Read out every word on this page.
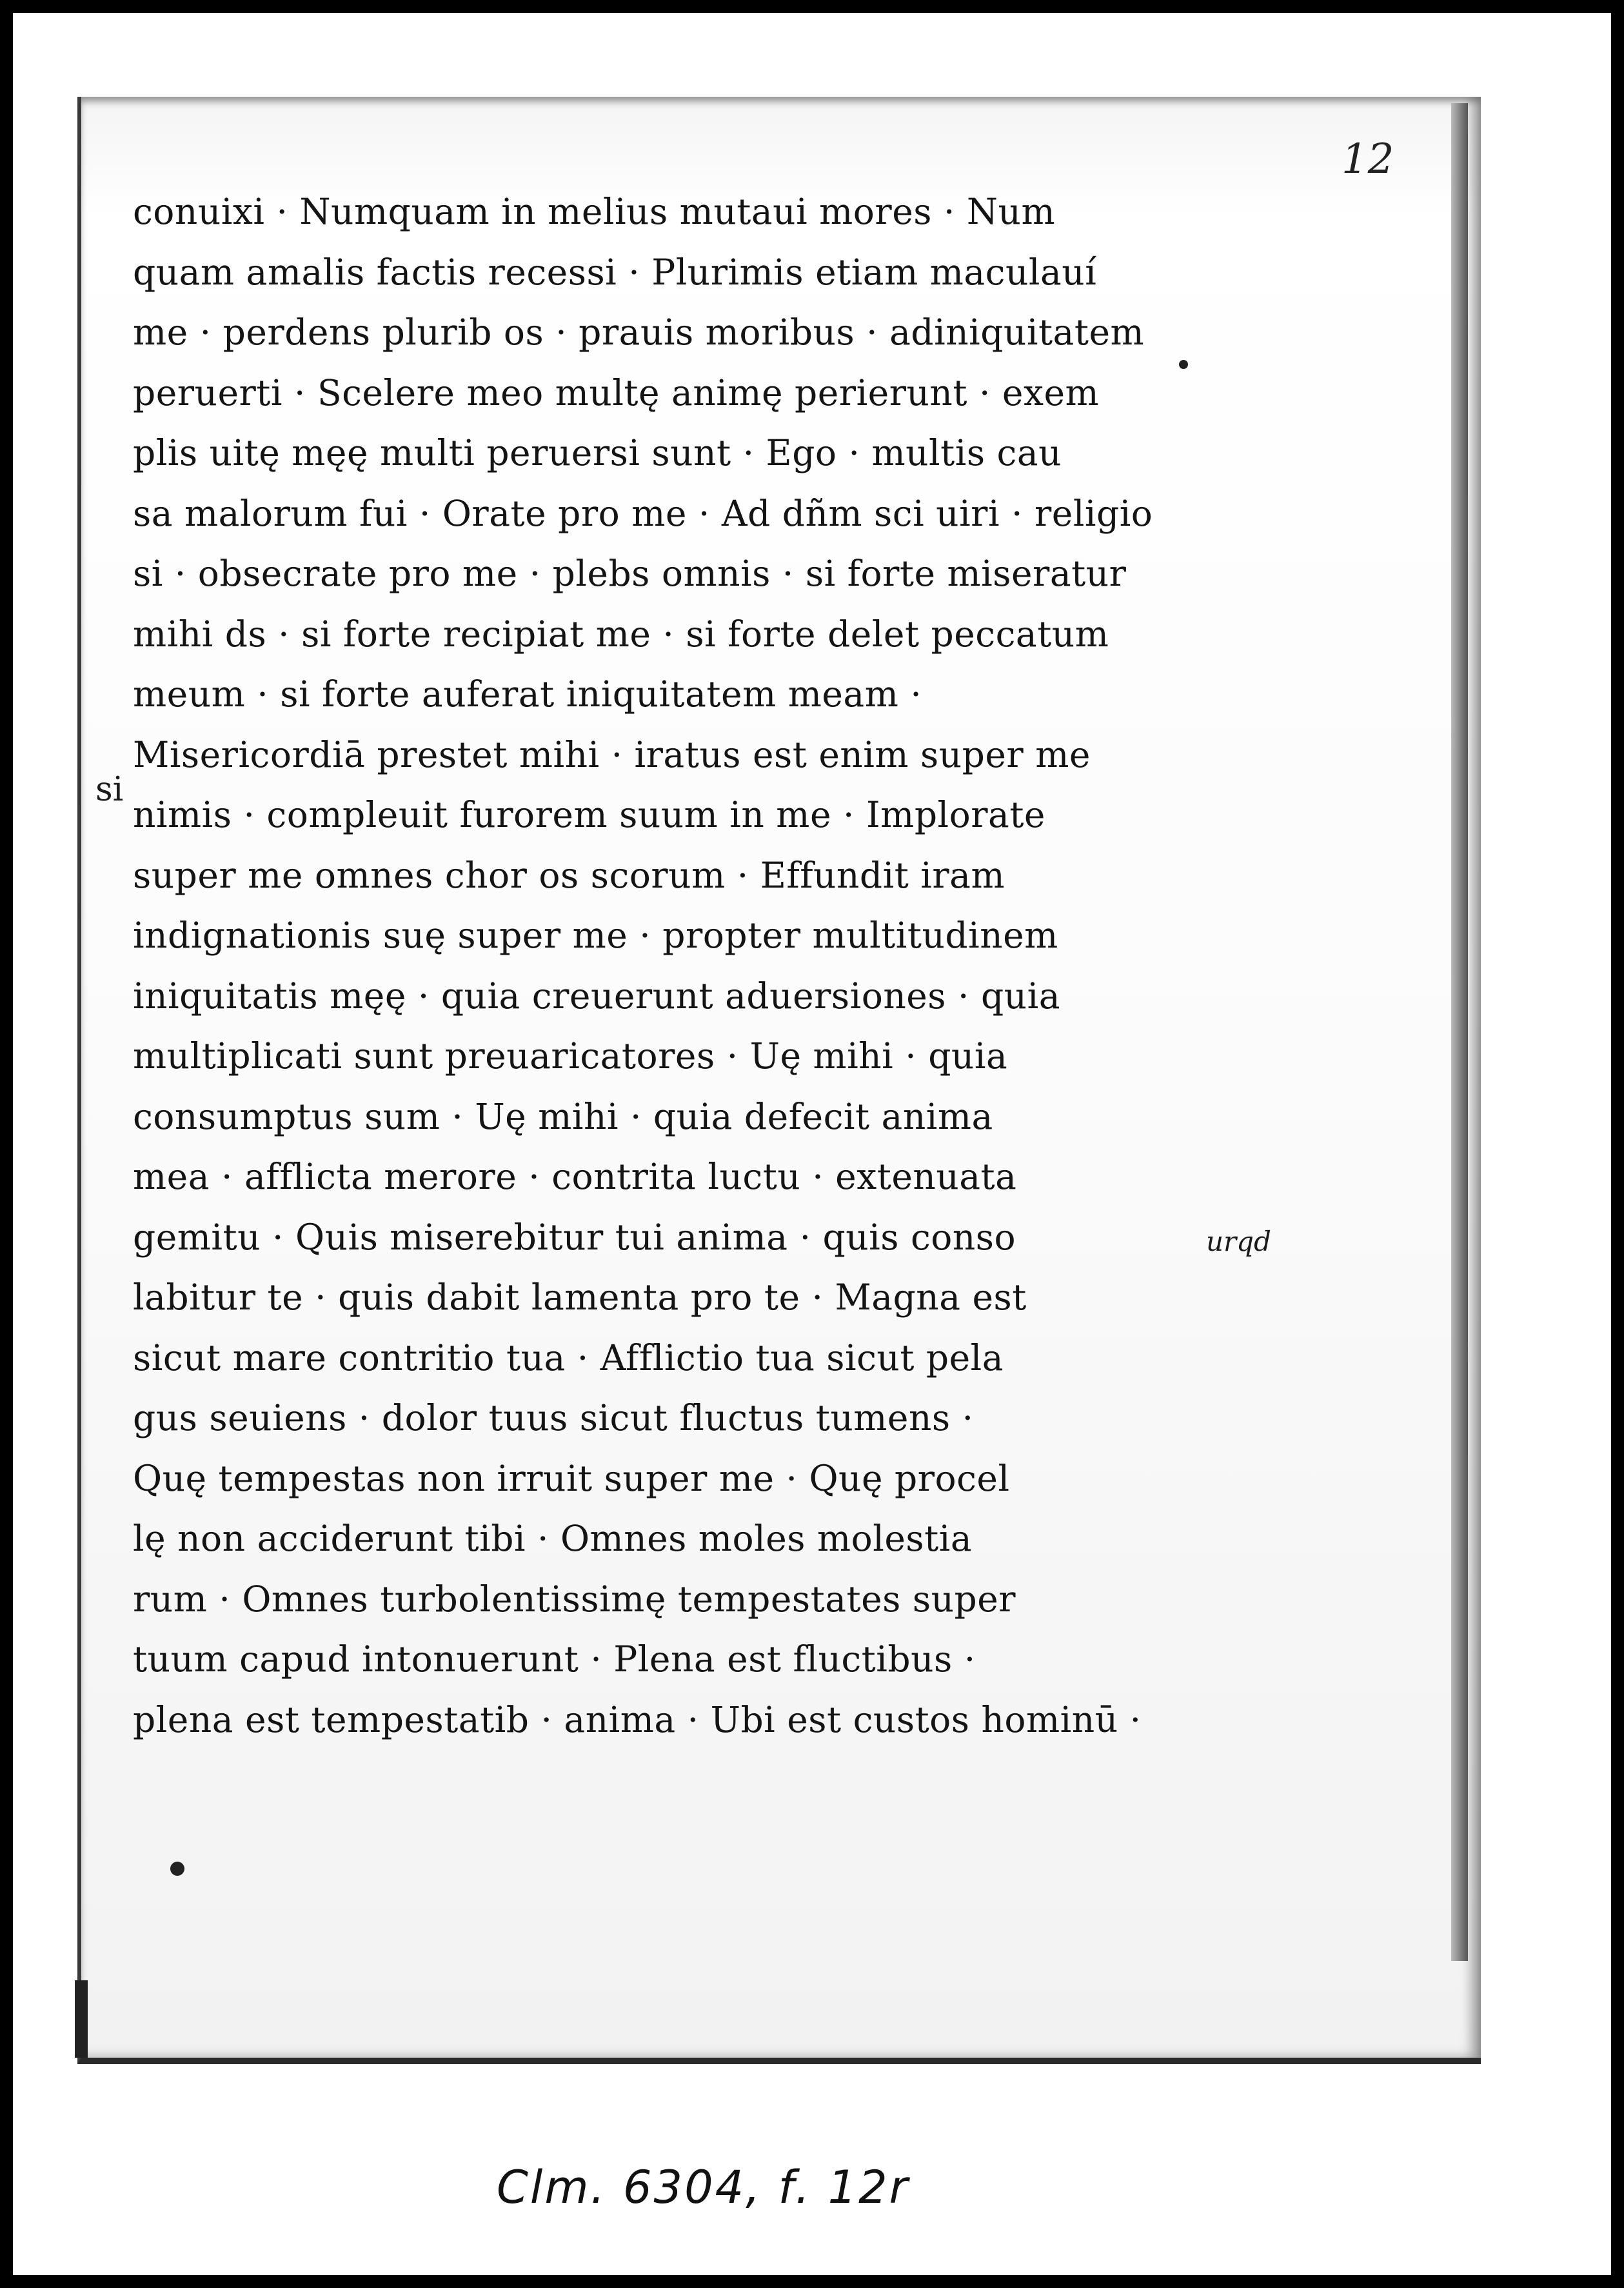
12
si
urqd
conuixi · Numquam in melius mutaui mores · Num
quam amalis factis recessi · Plurimis etiam maculauí
me · perdens plurib os · prauis moribus · adiniquitatem
peruerti · Scelere meo multę animę perierunt · exem
plis uitę męę multi peruersi sunt · Ego · multis cau
sa malorum fui · Orate pro me · Ad dñm sci uiri · religio
si · obsecrate pro me · plebs omnis · si forte miseratur
mihi ds · si forte recipiat me · si forte delet peccatum
meum · si forte auferat iniquitatem meam ·
Misericordiā prestet mihi · iratus est enim super me
nimis · compleuit furorem suum in me · Implorate
super me omnes chor os scorum · Effundit iram
indignationis suę super me · propter multitudinem
iniquitatis męę · quia creuerunt aduersiones · quia
multiplicati sunt preuaricatores · Uę mihi · quia
consumptus sum · Uę mihi · quia defecit anima
mea · afflicta merore · contrita luctu · extenuata
gemitu · Quis miserebitur tui anima · quis conso
labitur te · quis dabit lamenta pro te · Magna est
sicut mare contritio tua · Afflictio tua sicut pela
gus seuiens · dolor tuus sicut fluctus tumens ·
Quę tempestas non irruit super me · Quę procel
lę non acciderunt tibi · Omnes moles molestia
rum · Omnes turbolentissimę tempestates super
tuum capud intonuerunt · Plena est fluctibus ·
plena est tempestatib · anima · Ubi est custos hominū ·
Clm. 6304, f. 12r
